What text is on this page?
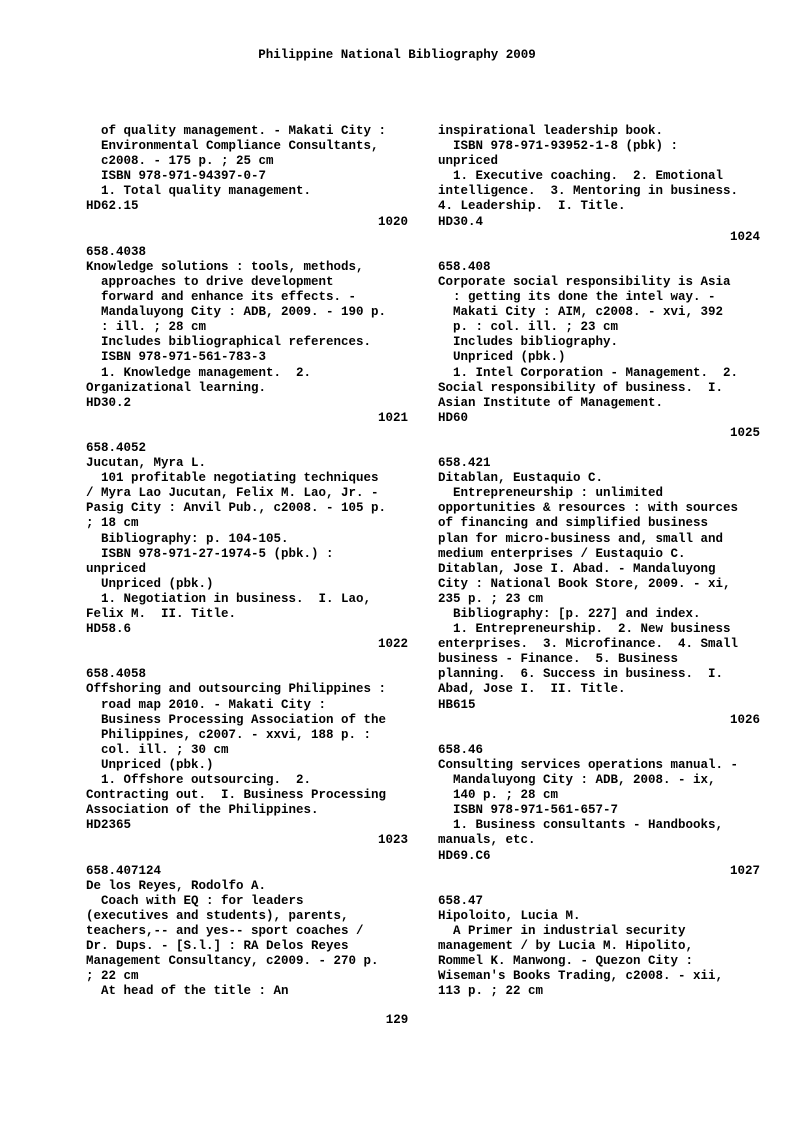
Philippine National Bibliography 2009
of quality management. - Makati City :
Environmental Compliance Consultants,
c2008. - 175 p. ; 25 cm
ISBN 978-971-94397-0-7
1. Total quality management.
HD62.15
1020
658.4038
Knowledge solutions : tools, methods,
approaches to drive development
forward and enhance its effects. -
Mandaluyong City : ADB, 2009. - 190 p.
: ill. ; 28 cm
Includes bibliographical references.
ISBN 978-971-561-783-3
1. Knowledge management.  2.
Organizational learning.
HD30.2
1021
658.4052
Jucutan, Myra L.
101 profitable negotiating techniques
/ Myra Lao Jucutan, Felix M. Lao, Jr. -
Pasig City : Anvil Pub., c2008. - 105 p.
; 18 cm
Bibliography: p. 104-105.
ISBN 978-971-27-1974-5 (pbk.) :
unpriced
Unpriced (pbk.)
1. Negotiation in business.  I. Lao,
Felix M.  II. Title.
HD58.6
1022
658.4058
Offshoring and outsourcing Philippines :
road map 2010. - Makati City :
Business Processing Association of the
Philippines, c2007. - xxvi, 188 p. :
col. ill. ; 30 cm
Unpriced (pbk.)
1. Offshore outsourcing.  2.
Contracting out.  I. Business Processing
Association of the Philippines.
HD2365
1023
658.407124
De los Reyes, Rodolfo A.
Coach with EQ : for leaders
(executives and students), parents,
teachers,-- and yes-- sport coaches /
Dr. Dups. - [S.l.] : RA Delos Reyes
Management Consultancy, c2009. - 270 p.
; 22 cm
At head of the title : An
inspirational leadership book.
ISBN 978-971-93952-1-8 (pbk) :
unpriced
1. Executive coaching.  2. Emotional
intelligence.  3. Mentoring in business.
4. Leadership.  I. Title.
HD30.4
1024
658.408
Corporate social responsibility is Asia
: getting its done the intel way. -
Makati City : AIM, c2008. - xvi, 392
p. : col. ill. ; 23 cm
Includes bibliography.
Unpriced (pbk.)
1. Intel Corporation - Management.  2.
Social responsibility of business.  I.
Asian Institute of Management.
HD60
1025
658.421
Ditablan, Eustaquio C.
Entrepreneurship : unlimited
opportunities & resources : with sources
of financing and simplified business
plan for micro-business and, small and
medium enterprises / Eustaquio C.
Ditablan, Jose I. Abad. - Mandaluyong
City : National Book Store, 2009. - xi,
235 p. ; 23 cm
Bibliography: [p. 227] and index.
1. Entrepreneurship.  2. New business
enterprises.  3. Microfinance.  4. Small
business - Finance.  5. Business
planning.  6. Success in business.  I.
Abad, Jose I.  II. Title.
HB615
1026
658.46
Consulting services operations manual. -
Mandaluyong City : ADB, 2008. - ix,
140 p. ; 28 cm
ISBN 978-971-561-657-7
1. Business consultants - Handbooks,
manuals, etc.
HD69.C6
1027
658.47
Hipoloito, Lucia M.
A Primer in industrial security
management / by Lucia M. Hipolito,
Rommel K. Manwong. - Quezon City :
Wiseman's Books Trading, c2008. - xii,
113 p. ; 22 cm
129
